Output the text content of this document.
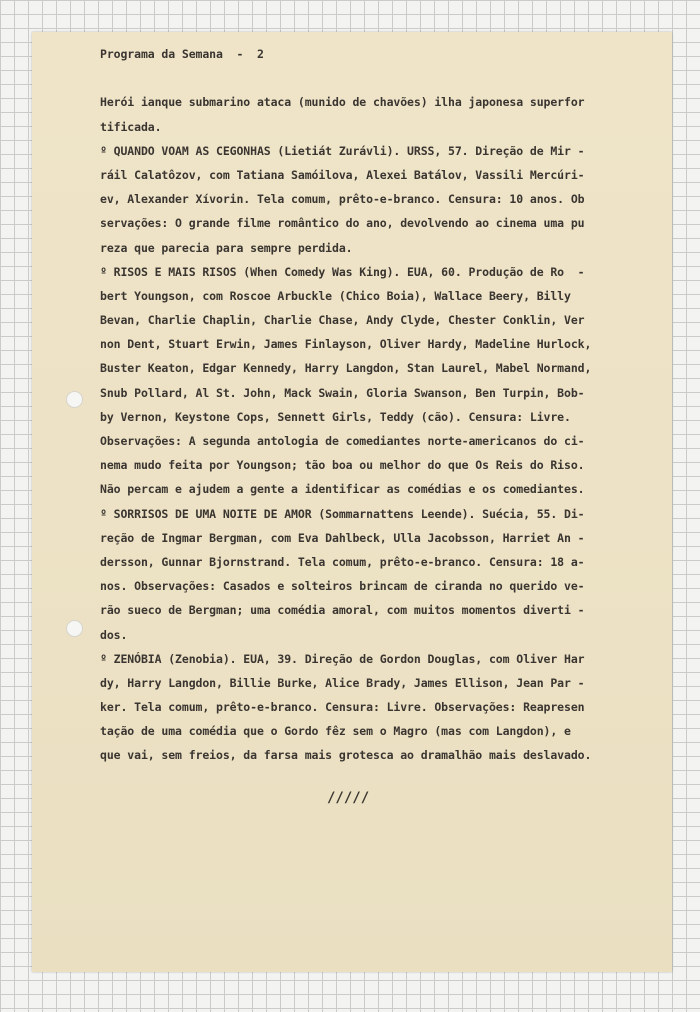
Programa da Semana  -  2
Herói ianque submarino ataca (munido de chavões) ilha japonesa superfor
tificada.
º QUANDO VOAM AS CEGONHAS (Lietiát Zurávli). URSS, 57. Direção de Mir -
ráil Calatôzov, com Tatiana Samóilova, Alexei Batálov, Vassili Mercúri-
ev, Alexander Xívorin. Tela comum, prêto-e-branco. Censura: 10 anos. Ob
servações: O grande filme romântico do ano, devolvendo ao cinema uma pu
reza que parecia para sempre perdida.
º RISOS E MAIS RISOS (When Comedy Was King). EUA, 60. Produção de Ro  -
bert Youngson, com Roscoe Arbuckle (Chico Boia), Wallace Beery, Billy
Bevan, Charlie Chaplin, Charlie Chase, Andy Clyde, Chester Conklin, Ver
non Dent, Stuart Erwin, James Finlayson, Oliver Hardy, Madeline Hurlock,
Buster Keaton, Edgar Kennedy, Harry Langdon, Stan Laurel, Mabel Normand,
Snub Pollard, Al St. John, Mack Swain, Gloria Swanson, Ben Turpin, Bob-
by Vernon, Keystone Cops, Sennett Girls, Teddy (cão). Censura: Livre.
Observações: A segunda antologia de comediantes norte-americanos do ci-
nema mudo feita por Youngson; tão boa ou melhor do que Os Reis do Riso.
Não percam e ajudem a gente a identificar as comédias e os comediantes.
º SORRISOS DE UMA NOITE DE AMOR (Sommarnattens Leende). Suécia, 55. Di-
reção de Ingmar Bergman, com Eva Dahlbeck, Ulla Jacobsson, Harriet An -
dersson, Gunnar Bjornstrand. Tela comum, prêto-e-branco. Censura: 18 a-
nos. Observações: Casados e solteiros brincam de ciranda no querido ve-
rão sueco de Bergman; uma comédia amoral, com muitos momentos diverti -
dos.
º ZENÓBIA (Zenobia). EUA, 39. Direção de Gordon Douglas, com Oliver Har
dy, Harry Langdon, Billie Burke, Alice Brady, James Ellison, Jean Par -
ker. Tela comum, prêto-e-branco. Censura: Livre. Observações: Reapresen
tação de uma comédia que o Gordo fêz sem o Magro (mas com Langdon), e
que vai, sem freios, da farsa mais grotesca ao dramalhão mais deslavado.
/////
